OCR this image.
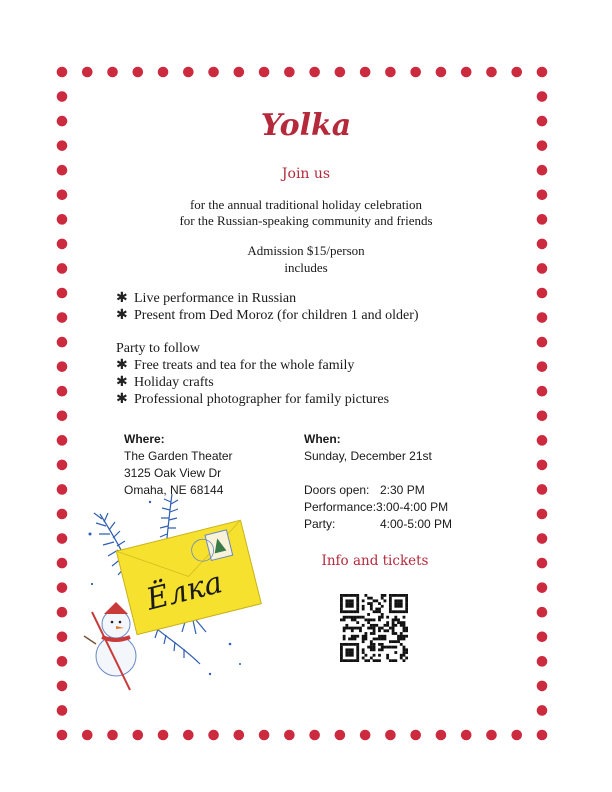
Yolka
Join us
for the annual traditional holiday celebration
for the Russian-speaking community and friends
Admission $15/person
includes
✱ Live performance in Russian
✱ Present from Ded Moroz (for children 1 and older)
Party to follow
✱ Free treats and tea for the whole family
✱ Holiday crafts
✱ Professional photographer for family pictures
Where:
The Garden Theater
3125 Oak View Dr
Omaha, NE 68144
When:
Sunday, December 21st
Doors open: 2:30 PM
Performance: 3:00-4:00 PM
Party:	4:00-5:00 PM
Info and tickets
Ёлка
